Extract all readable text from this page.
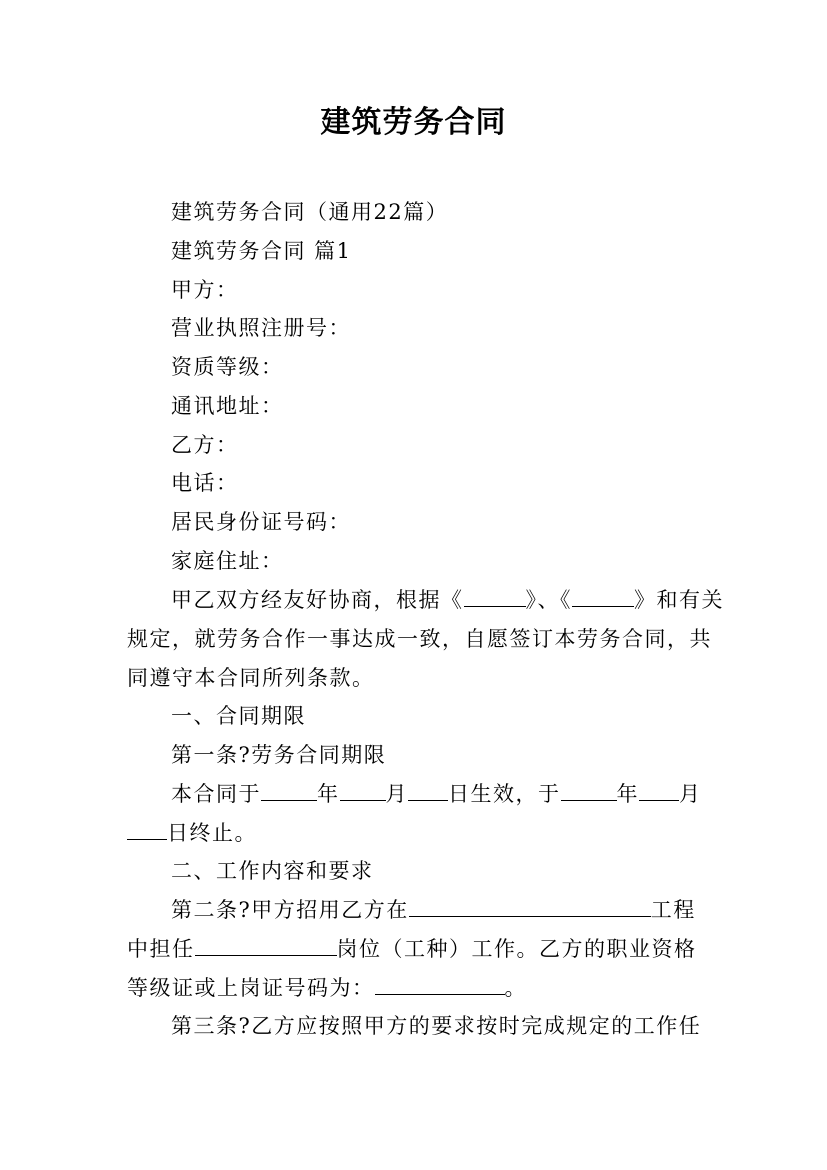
建筑劳务合同
建筑劳务合同（通用22篇）
建筑劳务合同 篇1
甲方：
营业执照注册号：
资质等级：
通讯地址：
乙方：
电话：
居民身份证号码：
家庭住址：
甲乙双方经友好协商，根据《	》、《	》和有关
规定，就劳务合作一事达成一致，自愿签订本劳务合同，共
同遵守本合同所列条款。
一、合同期限
第一条?劳务合同期限
本合同于	年 月 日生效，于	年 月
日终止。
二、工作内容和要求
第二条?甲方招用乙方在	工程
中担任	岗位（工种）工作。乙方的职业资格
等级证或上岗证号码为：	。
第三条?乙方应按照甲方的要求按时完成规定的工作任
